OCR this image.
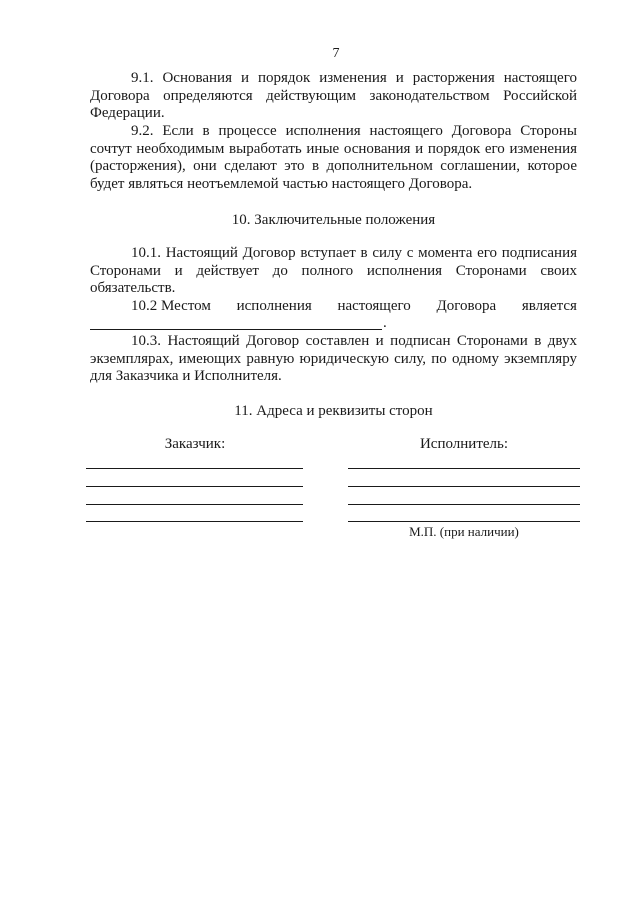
7

9.1. Основания и порядок изменения и расторжения настоящего Договора определяются действующим законодательством Российской Федерации.

9.2. Если в процессе исполнения настоящего Договора Стороны сочтут необходимым выработать иные основания и порядок его изменения (расторжения), они сделают это в дополнительном соглашении, которое будет являться неотъемлемой частью настоящего Договора.

10. Заключительные положения

10.1. Настоящий Договор вступает в силу с момента его подписания Сторонами и действует до полного исполнения Сторонами своих обязательств.

10.2 Местом исполнения настоящего Договора является
.

10.3. Настоящий Договор составлен и подписан Сторонами в двух экземплярах, имеющих равную юридическую силу, по одному экземпляру для Заказчика и Исполнителя.

11. Адреса и реквизиты сторон
Заказчик:	Исполнитель:
М.П. (при наличии)
